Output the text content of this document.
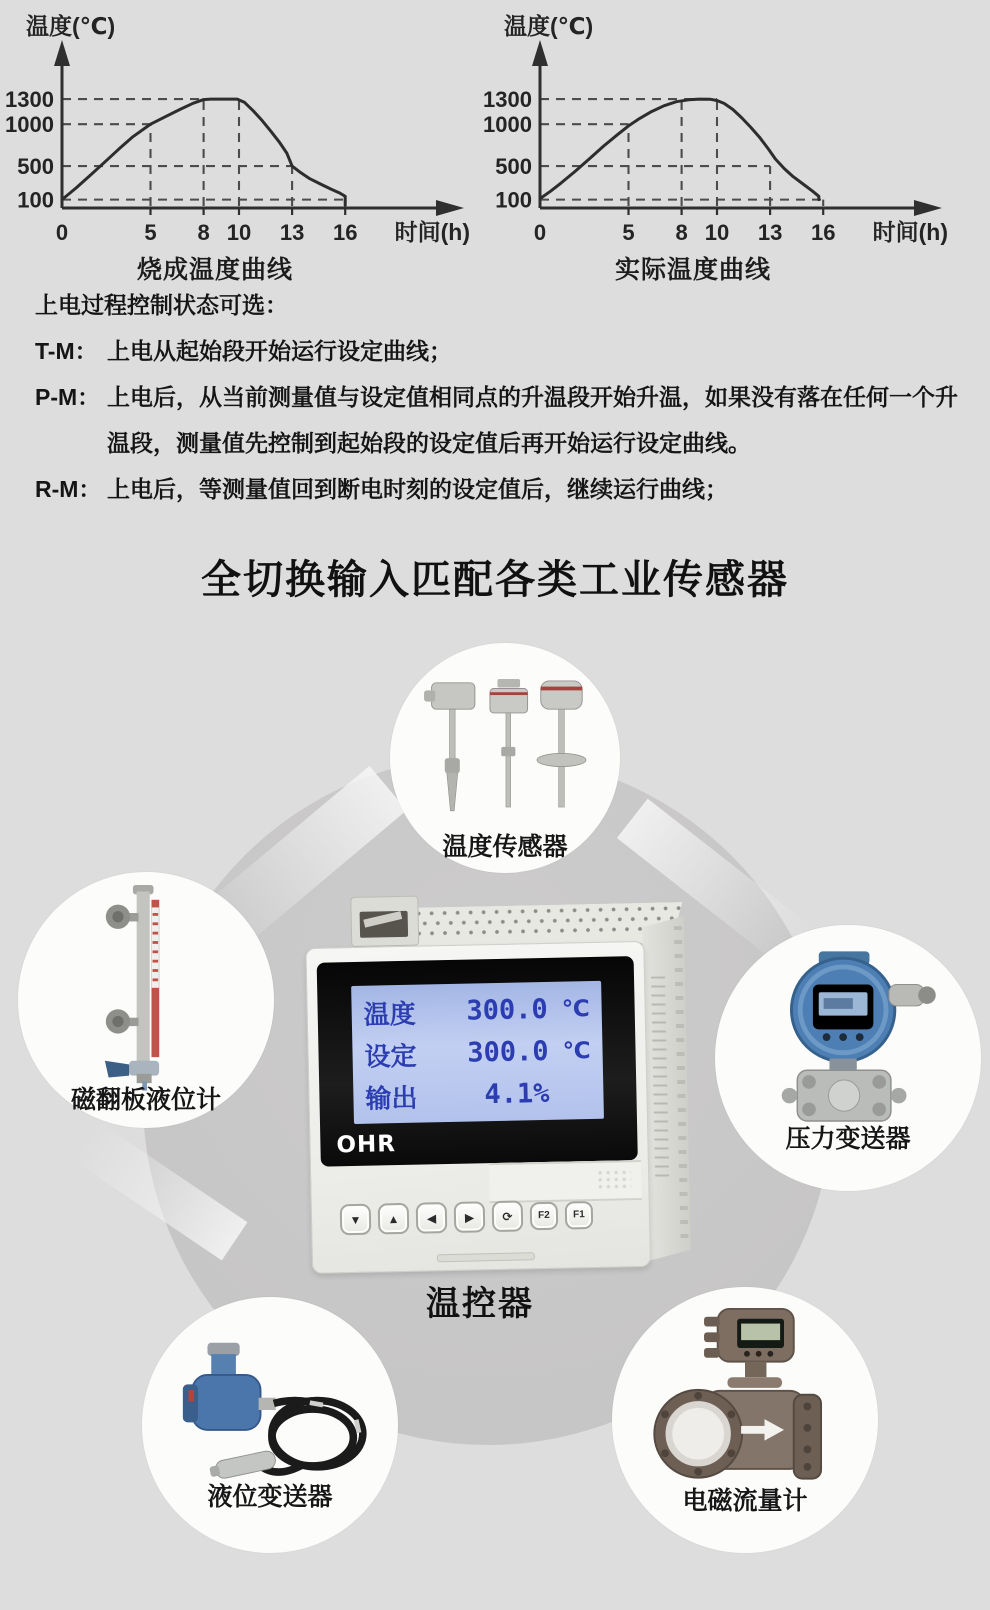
0	5 8 10 13 16
1300
1000
500
100
温度(℃)
时间(h)
烧成温度曲线
0	5 8 10 13 16
1300
1000
500
100
温度(℃)
时间(h)
实际温度曲线
上电过程控制状态可选：
T-M： 上电从起始段开始运行设定曲线；
P-M： 上电后，从当前测量值与设定值相同点的升温段开始升温，如果没有落在任何一个升温段，测量值先控制到起始段的设定值后再开始运行设定曲线。
R-M： 上电后，等测量值回到断电时刻的设定值后，继续运行曲线；
全切换输入匹配各类工业传感器
温度传感器
磁翻板液位计
压力变送器
液位变送器	电磁流量计
温度	300.0 ℃
设定	300.0 ℃
输出	4.1%
OHR
▼	▲	◀	▶	⟳	F2	F1
温控器
